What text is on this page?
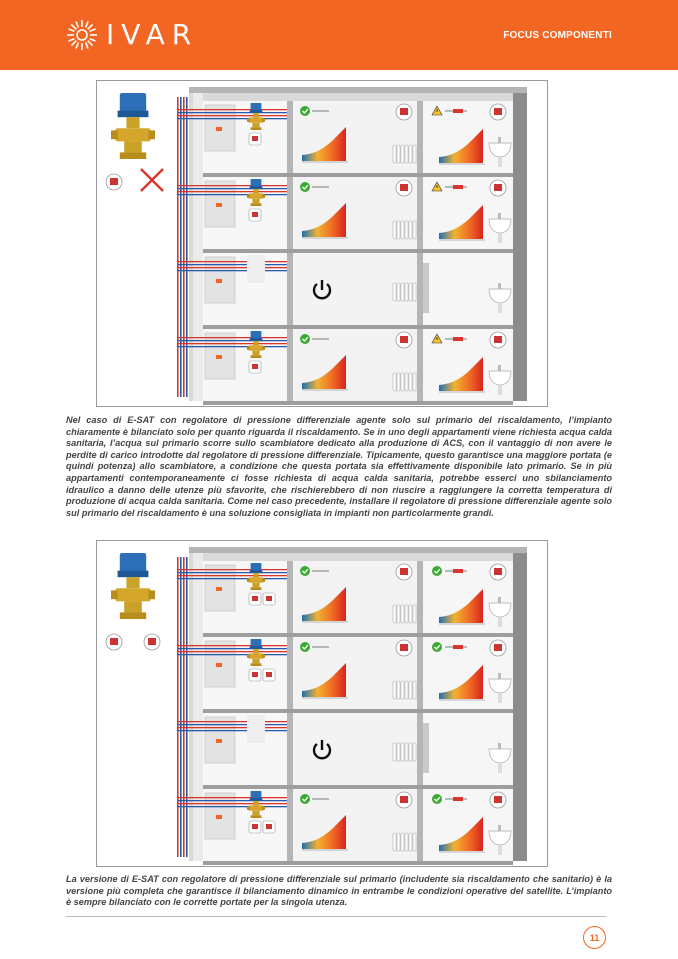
IVAR	FOCUS COMPONENTI
Nel caso di E-SAT con regolatore di pressione differenziale agente solo sul primario del riscaldamento, l’impianto chiaramente è bilanciato solo per quanto riguarda il riscaldamento. Se in uno degli appartamenti viene richiesta acqua calda sanitaria, l’acqua sul primario scorre sullo scambiatore dedicato alla produzione di ACS, con il vantaggio di non avere le perdite di carico introdotte dal regolatore di pressione differenziale. Tipicamente, questo garantisce una maggiore portata (e quindi potenza) allo scambiatore, a condizione che questa portata sia effettivamente disponibile lato primario. Se in più appartamenti contemporaneamente ci fosse richiesta di acqua calda sanitaria, potrebbe esserci uno sbilanciamento idraulico a danno delle utenze più sfavorite, che rischierebbero di non riuscire a raggiungere la corretta temperatura di produzione di acqua calda sanitaria. Come nel caso precedente, installare il regolatore di pressione differenziale agente solo sul primario del riscaldamento è una soluzione consigliata in impianti non particolarmente grandi.
La versione di E-SAT con regolatore di pressione differenziale sul primario (includente sia riscaldamento che sanitario) è la versione più completa che garantisce il bilanciamento dinamico in entrambe le condizioni operative del satellite. L’impianto è sempre bilanciato con le corrette portate per la singola utenza.
11
